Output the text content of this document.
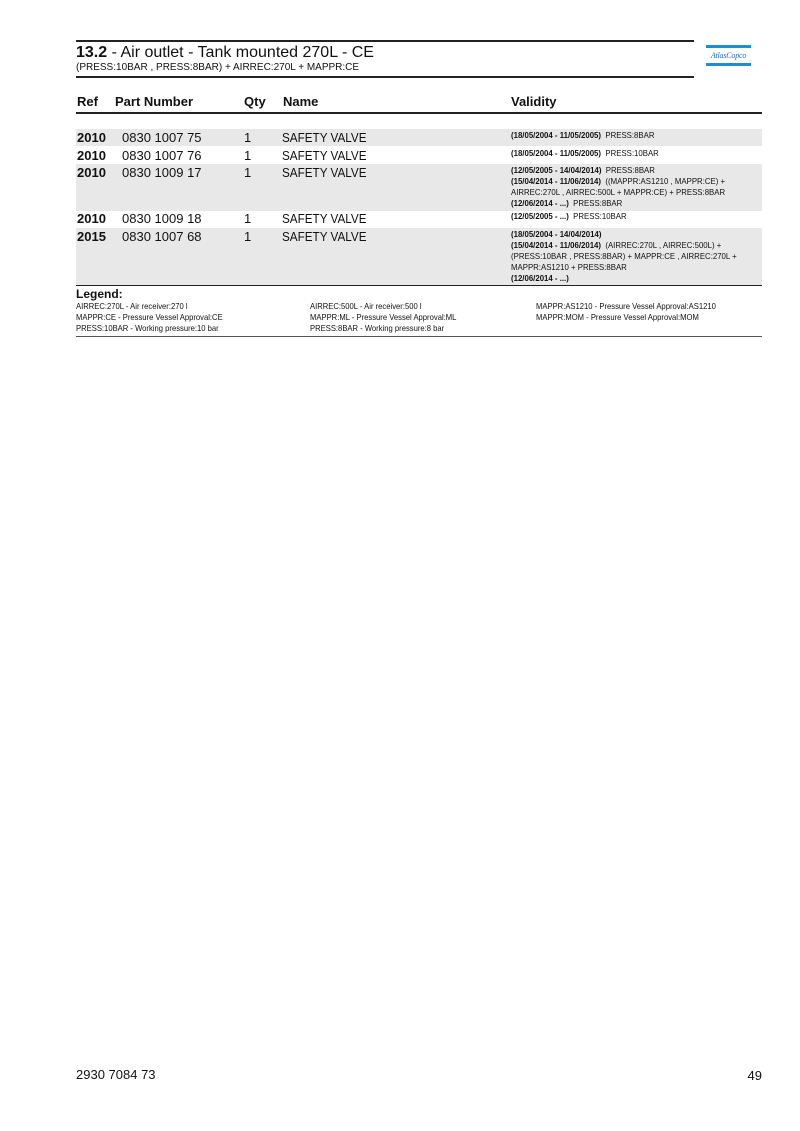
13.2 - Air outlet - Tank mounted 270L - CE
(PRESS:10BAR , PRESS:8BAR) + AIRREC:270L + MAPPR:CE
AtlasCopco
Ref Part Number	Qty Name	Validity
2010 0830 1007 75	1 SAFETY VALVE	(18/05/2004 - 11/05/2005)  PRESS:8BAR
2010 0830 1007 76	1 SAFETY VALVE	(18/05/2004 - 11/05/2005)  PRESS:10BAR
2010 0830 1009 17	1 SAFETY VALVE	(12/05/2005 - 14/04/2014)  PRESS:8BAR
(15/04/2014 - 11/06/2014)  ((MAPPR:AS1210 , MAPPR:CE) +
AIRREC:270L , AIRREC:500L + MAPPR:CE) + PRESS:8BAR
(12/06/2014 - ...)  PRESS:8BAR
2010 0830 1009 18	1 SAFETY VALVE	(12/05/2005 - ...)  PRESS:10BAR
2015 0830 1007 68	1 SAFETY VALVE	(18/05/2004 - 14/04/2014)
(15/04/2014 - 11/06/2014)  (AIRREC:270L , AIRREC:500L) +
(PRESS:10BAR , PRESS:8BAR) + MAPPR:CE , AIRREC:270L +
MAPPR:AS1210 + PRESS:8BAR
(12/06/2014 - ...)
Legend:
AIRREC:270L - Air receiver:270 l
MAPPR:CE - Pressure Vessel Approval:CE
PRESS:10BAR - Working pressure:10 bar
AIRREC:500L - Air receiver:500 l
MAPPR:ML - Pressure Vessel Approval:ML
PRESS:8BAR - Working pressure:8 bar
MAPPR:AS1210 - Pressure Vessel Approval:AS1210
MAPPR:MOM - Pressure Vessel Approval:MOM
2930 7084 73	49
